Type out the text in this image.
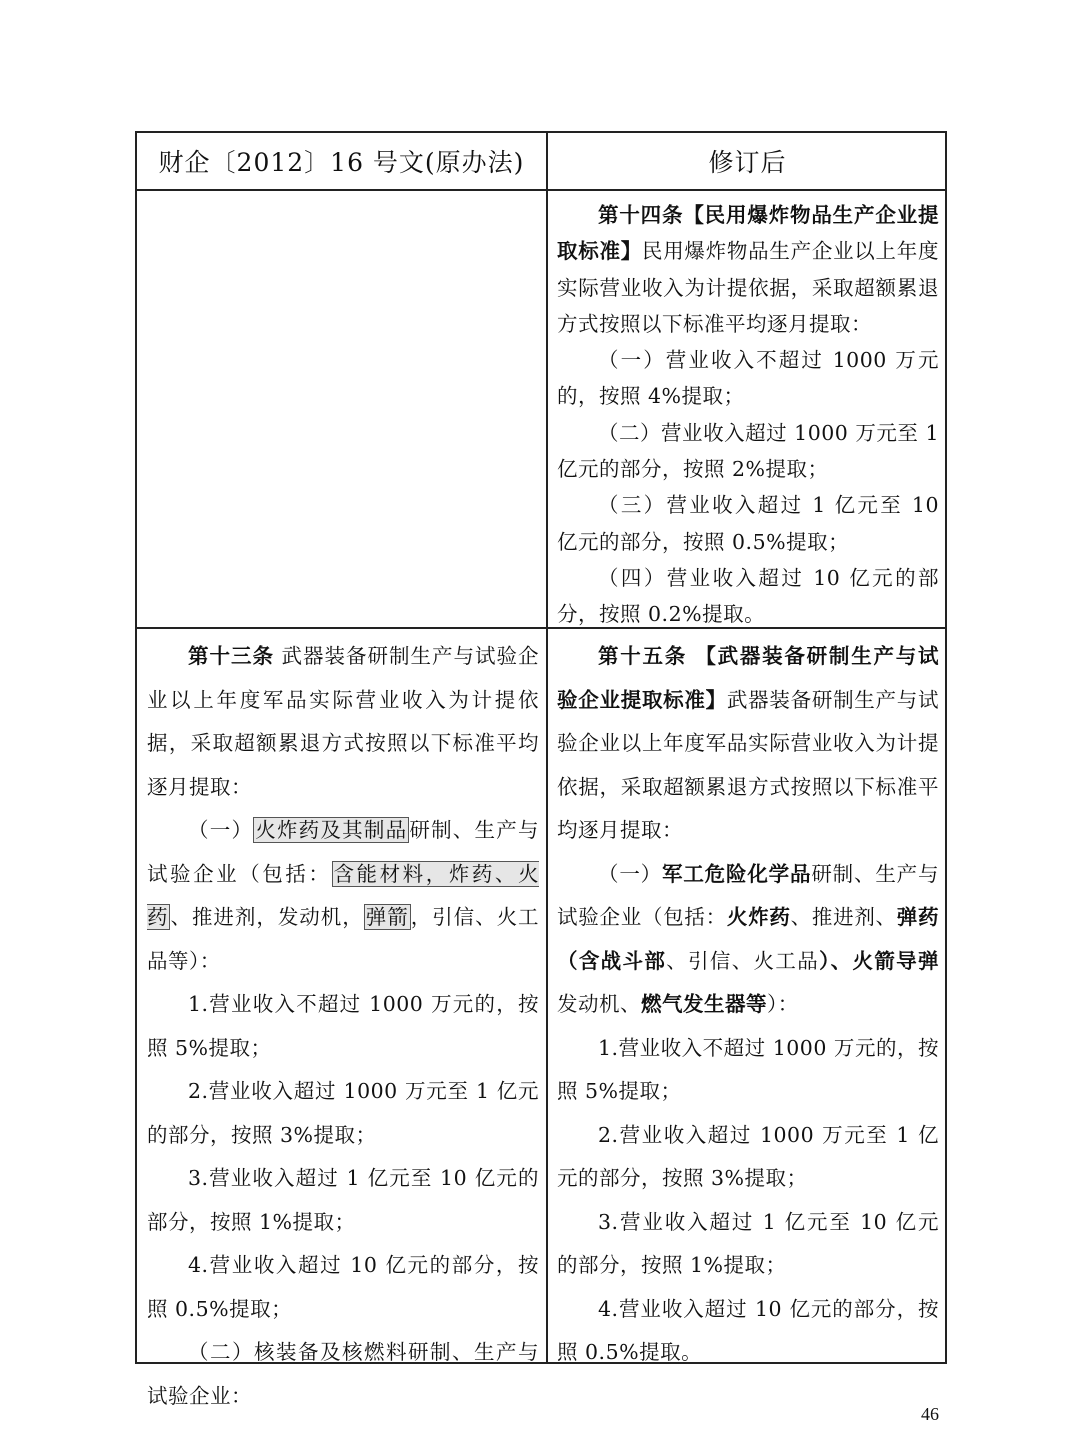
财企〔2012〕16 号文(原办法)	修订后

第十四条【民用爆炸物品生产企业提取标准】民用爆炸物品生产企业以上年度实际营业收入为计提依据，采取超额累退方式按照以下标准平均逐月提取：

（一）营业收入不超过 1000 万元的，按照 4%提取；

（二）营业收入超过 1000 万元至 1 亿元的部分，按照 2%提取；

（三）营业收入超过 1 亿元至 10 亿元的部分，按照 0.5%提取；

（四）营业收入超过 10 亿元的部分，按照 0.2%提取。

第十三条 武器装备研制生产与试验企业以上年度军品实际营业收入为计提依据，采取超额累退方式按照以下标准平均逐月提取：

（一）火炸药及其制品研制、生产与试验企业（包括：含能材料，炸药、火药、推进剂，发动机，弹箭，引信、火工品等）：

1.营业收入不超过 1000 万元的，按照 5%提取；

2.营业收入超过 1000 万元至 1 亿元的部分，按照 3%提取；

3.营业收入超过 1 亿元至 10 亿元的部分，按照 1%提取；

4.营业收入超过 10 亿元的部分，按照 0.5%提取；

（二）核装备及核燃料研制、生产与试验企业：

第十五条 【武器装备研制生产与试验企业提取标准】武器装备研制生产与试验企业以上年度军品实际营业收入为计提依据，采取超额累退方式按照以下标准平均逐月提取：

（一）军工危险化学品研制、生产与试验企业（包括：火炸药、推进剂、弹药（含战斗部、引信、火工品）、火箭导弹发动机、燃气发生器等）：

1.营业收入不超过 1000 万元的，按照 5%提取；

2.营业收入超过 1000 万元至 1 亿元的部分，按照 3%提取；

3.营业收入超过 1 亿元至 10 亿元的部分，按照 1%提取；

4.营业收入超过 10 亿元的部分，按照 0.5%提取。

46
